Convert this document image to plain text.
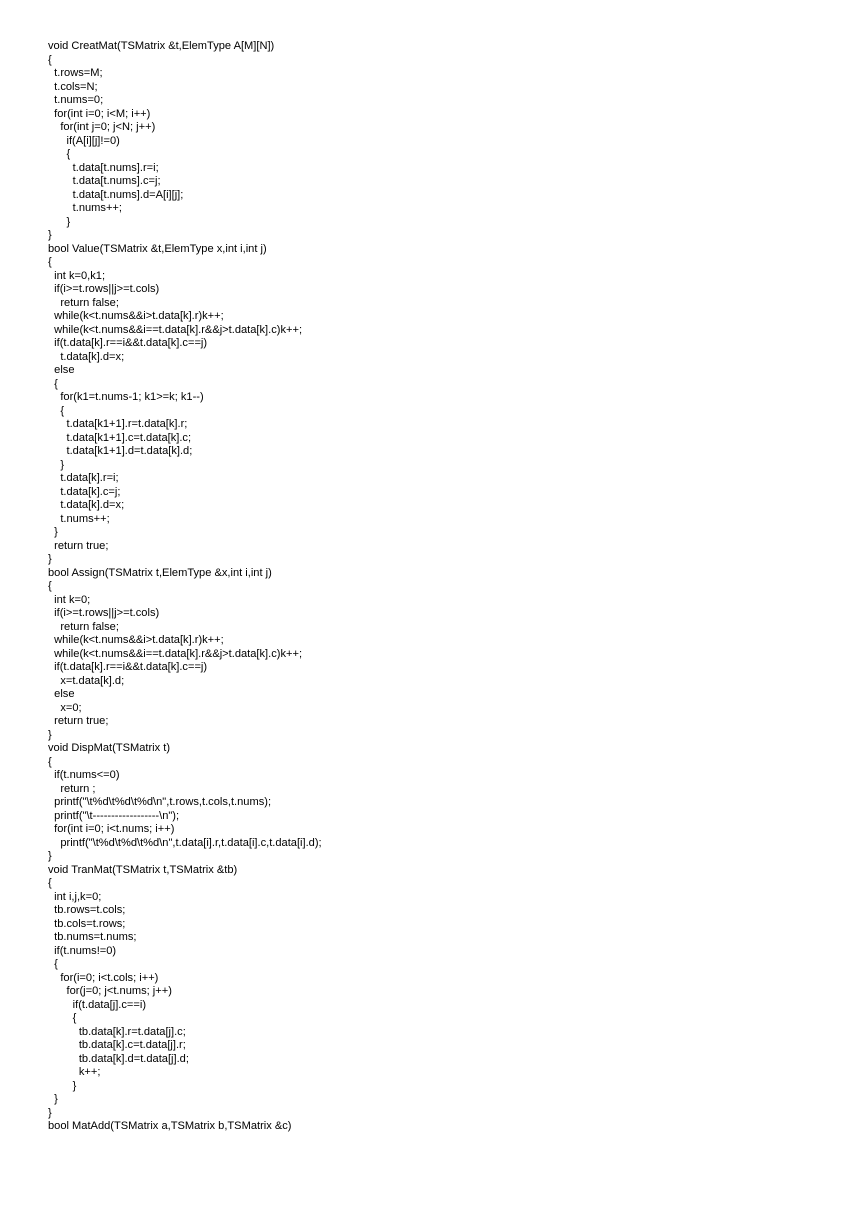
void CreatMat(TSMatrix &t,ElemType A[M][N])
{
t.rows=M;
t.cols=N;
t.nums=0;
for(int i=0; i<M; i++)
for(int j=0; j<N; j++)
if(A[i][j]!=0)
{
t.data[t.nums].r=i;
t.data[t.nums].c=j;
t.data[t.nums].d=A[i][j];
t.nums++;
}
}
bool Value(TSMatrix &t,ElemType x,int i,int j)
{
int k=0,k1;
if(i>=t.rows||j>=t.cols)
return false;
while(k<t.nums&&i>t.data[k].r)k++;
while(k<t.nums&&i==t.data[k].r&&j>t.data[k].c)k++;
if(t.data[k].r==i&&t.data[k].c==j)
t.data[k].d=x;
else
{
for(k1=t.nums-1; k1>=k; k1--)
{
t.data[k1+1].r=t.data[k].r;
t.data[k1+1].c=t.data[k].c;
t.data[k1+1].d=t.data[k].d;
}
t.data[k].r=i;
t.data[k].c=j;
t.data[k].d=x;
t.nums++;
}
return true;
}
bool Assign(TSMatrix t,ElemType &x,int i,int j)
{
int k=0;
if(i>=t.rows||j>=t.cols)
return false;
while(k<t.nums&&i>t.data[k].r)k++;
while(k<t.nums&&i==t.data[k].r&&j>t.data[k].c)k++;
if(t.data[k].r==i&&t.data[k].c==j)
x=t.data[k].d;
else
x=0;
return true;
}
void DispMat(TSMatrix t)
{
if(t.nums<=0)
return ;
printf("\t%d\t%d\t%d\n",t.rows,t.cols,t.nums);
printf("\t------------------\n");
for(int i=0; i<t.nums; i++)
printf("\t%d\t%d\t%d\n",t.data[i].r,t.data[i].c,t.data[i].d);
}
void TranMat(TSMatrix t,TSMatrix &tb)
{
int i,j,k=0;
tb.rows=t.cols;
tb.cols=t.rows;
tb.nums=t.nums;
if(t.nums!=0)
{
for(i=0; i<t.cols; i++)
for(j=0; j<t.nums; j++)
if(t.data[j].c==i)
{
tb.data[k].r=t.data[j].c;
tb.data[k].c=t.data[j].r;
tb.data[k].d=t.data[j].d;
k++;
}
}
}
bool MatAdd(TSMatrix a,TSMatrix b,TSMatrix &c)
